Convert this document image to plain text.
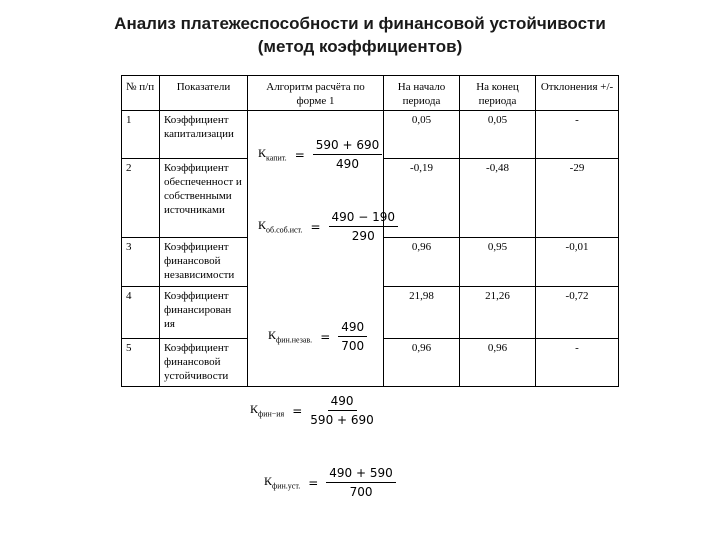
Анализ платежеспособности и финансовой устойчивости
(метод коэффициентов)
№ п/п	Показатели	Алгоритм расчёта по форме 1	На начало периода	На конец периода	Отклонения +/-
1	Коэффициент капитализации		0,05	0,05	-
2	Коэффициент обеспеченност и собственными источниками		-0,19	-0,48	-29
3	Коэффициент финансовой независимости		0,96	0,95	-0,01
4	Коэффициент финансирован ия		21,98	21,26	-0,72
5	Коэффициент финансовой устойчивости		0,96	0,96	-
$К_{капит.} = \frac{590 + 690}{490}$
$К_{об.соб.ист.} = \frac{490 - 190}{290}$
$К_{фин.незав.} = \frac{490}{700}$
$К_{фин-ия} = \frac{490}{590 + 690}$
$К_{фин.уст.} = \frac{490 + 590}{700}$
